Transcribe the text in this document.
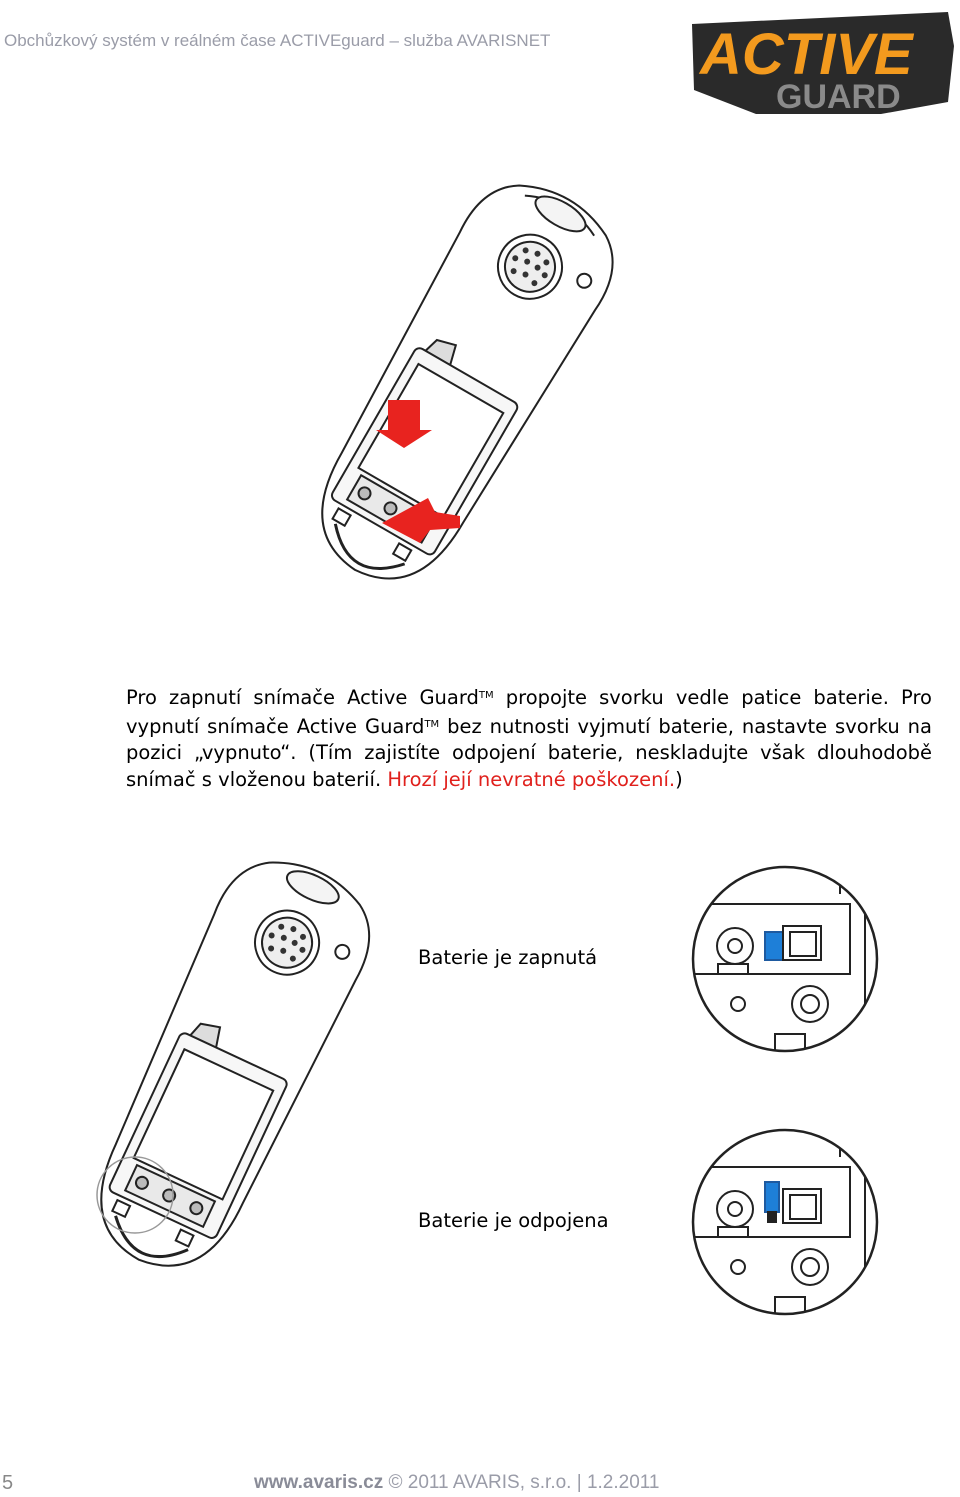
Obchůzkový systém v reálném čase ACTIVEguard – služba AVARISNET	ACTIVE
GUARD
Pro zapnutí snímače Active Guard™ propojte svorku vedle patice baterie. Pro vypnutí snímače Active Guard™ bez nutnosti vyjmutí baterie, nastavte svorku na pozici „vypnuto“. (Tím zajistíte odpojení baterie, neskladujte však dlouhodobě snímač s vloženou baterií. Hrozí její nevratné poškození.)
Baterie je zapnutá
Baterie je odpojena
5	www.avaris.cz © 2011 AVARIS, s.r.o. | 1.2.2011
